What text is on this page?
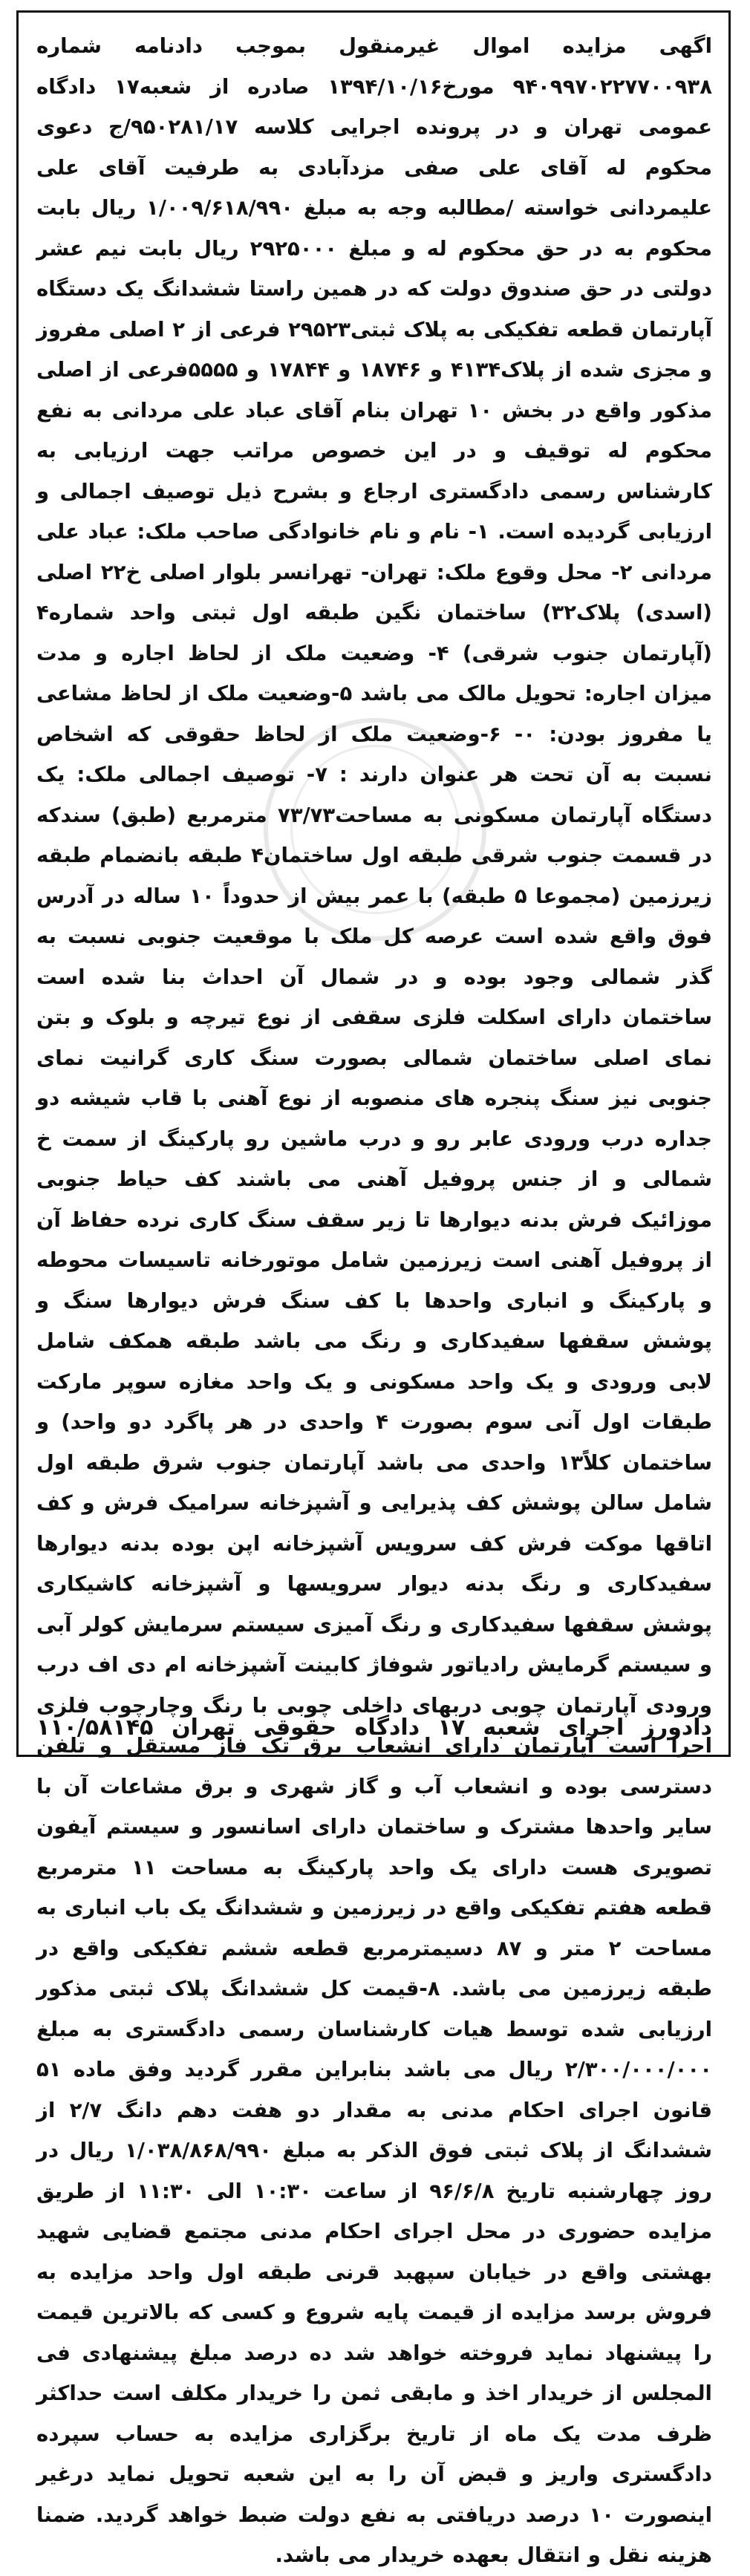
اگهی مزایده اموال غیرمنقول بموجب دادنامه شماره ۹۴۰۹۹۷۰۲۲۷۷۰۰۹۳۸ مورخ۱۳۹۴/۱۰/۱۶ صادره از شعبه۱۷ دادگاه عمومی تهران و در پرونده اجرایی کلاسه ۹۵۰۲۸۱/۱۷/ج دعوی محکوم له آقای علی صفی مزدآبادی به طرفیت آقای علی علیمردانی خواسته /مطالبه وجه به مبلغ ۱/۰۰۹/۶۱۸/۹۹۰ ریال بابت محکوم به در حق محکوم له و مبلغ ۲۹۲۵۰۰۰ ریال بابت نیم عشر دولتی در حق صندوق دولت که در همین راستا ششدانگ یک دستگاه آپارتمان قطعه تفکیکی به پلاک ثبتی۲۹۵۲۳ فرعی از ۲ اصلی مفروز و مجزی شده از پلاک۴۱۳۴ و ۱۸۷۴۶ و ۱۷۸۴۴ و ۵۵۵۵فرعی از اصلی مذکور واقع در بخش ۱۰ تهران بنام آقای عباد علی مردانی به نفع محکوم له توقیف و در این خصوص مراتب جهت ارزیابی به کارشناس رسمی دادگستری ارجاع و بشرح ذیل توصیف اجمالی و ارزیابی گردیده است. ۱- نام و نام خانوادگی صاحب ملک: عباد علی مردانی ۲- محل وقوع ملک: تهران- تهرانسر بلوار اصلی خ۲۲ اصلی (اسدی) پلاک۳۲) ساختمان نگین طبقه اول ثبتی واحد شماره۴ (آپارتمان جنوب شرقی) ۴- وضعیت ملک از لحاظ اجاره و مدت میزان اجاره: تحویل مالک می باشد ۵-وضعیت ملک از لحاظ مشاعی یا مفروز بودن: ۰- ۶-وضعیت ملک از لحاظ حقوقی که اشخاص نسبت به آن تحت هر عنوان دارند : ۷- توصیف اجمالی ملک: یک دستگاه آپارتمان مسکونی به مساحت۷۳/۷۳ مترمربع (طبق) سندکه در قسمت جنوب شرقی طبقه اول ساختمان۴ طبقه بانضمام طبقه زیرزمین (مجموعا ۵ طبقه) با عمر بیش از حدوداً ۱۰ ساله در آدرس فوق واقع شده است عرصه کل ملک با موقعیت جنوبی نسبت به گذر شمالی وجود بوده و در شمال آن احداث بنا شده است ساختمان دارای اسکلت فلزی سقفی از نوع تیرچه و بلوک و بتن نمای اصلی ساختمان شمالی بصورت سنگ کاری گرانیت نمای جنوبی نیز سنگ پنجره های منصوبه از نوع آهنی با قاب شیشه دو جداره درب ورودی عابر رو و درب ماشین رو پارکینگ از سمت خ شمالی و از جنس پروفیل آهنی می باشند کف حیاط جنوبی موزائیک فرش بدنه دیوارها تا زیر سقف سنگ کاری نرده حفاظ آن از پروفیل آهنی است زیرزمین شامل موتورخانه تاسیسات محوطه و پارکینگ و انباری واحدها با کف سنگ فرش دیوارها سنگ و پوشش سقفها سفیدکاری و رنگ می باشد طبقه همکف شامل لابی ورودی و یک واحد مسکونی و یک واحد مغازه سوپر مارکت طبقات اول آنی سوم بصورت ۴ واحدی در هر پاگرد دو واحد) و ساختمان کلاً۱۳ واحدی می باشد آپارتمان جنوب شرق طبقه اول شامل سالن پوشش کف پذیرایی و آشپزخانه سرامیک فرش و کف اتاقها موکت فرش کف سرویس آشپزخانه اپن بوده بدنه دیوارها سفیدکاری و رنگ بدنه دیوار سرویسها و آشپزخانه کاشیکاری پوشش سقفها سفیدکاری و رنگ آمیزی سیستم سرمایش کولر آبی و سیستم گرمایش رادیاتور شوفاژ کابینت آشپزخانه ام دی اف درب ورودی آپارتمان چوبی دربهای داخلی چوبی با رنگ وچارچوب فلزی اجرا است آپارتمان دارای انشعاب برق تک فاز مستقل و تلفن دسترسی بوده و انشعاب آب و گاز شهری و برق مشاعات آن با سایر واحدها مشترک و ساختمان دارای اسانسور و سیستم آیفون تصویری هست دارای یک واحد پارکینگ به مساحت ۱۱ مترمربع قطعه هفتم تفکیکی واقع در زیرزمین و ششدانگ یک باب انباری به مساحت ۲ متر و ۸۷ دسیمترمربع قطعه ششم تفکیکی واقع در طبقه زیرزمین می باشد. ۸-قیمت کل ششدانگ پلاک ثبتی مذکور ارزیابی شده توسط هیات کارشناسان رسمی دادگستری به مبلغ ۲/۳۰۰/۰۰۰/۰۰۰ ریال می باشد بنابراین مقرر گردید وفق ماده ۵۱ قانون اجرای احکام مدنی به مقدار دو هفت دهم دانگ ۲/۷ از ششدانگ از پلاک ثبتی فوق الذکر به مبلغ ۱/۰۳۸/۸۶۸/۹۹۰ ریال در روز چهارشنبه تاریخ ۹۶/۶/۸ از ساعت ۱۰:۳۰ الی ۱۱:۳۰ از طریق مزایده حضوری در محل اجرای احکام مدنی مجتمع قضایی شهید بهشتی واقع در خیابان سپهبد قرنی طبقه اول واحد مزایده به فروش برسد مزایده از قیمت پایه شروع و کسی که بالاترین قیمت را پیشنهاد نماید فروخته خواهد شد ده درصد مبلغ پیشنهادی فی المجلس از خریدار اخذ و مابقی ثمن را خریدار مکلف است حداکثر ظرف مدت یک ماه از تاریخ برگزاری مزایده به حساب سپرده دادگستری واریز و قبض آن را به این شعبه تحویل نماید درغیر اینصورت ۱۰ درصد دریافتی به نفع دولت ضبط خواهد گردید. ضمنا هزینه نقل و انتقال بعهده خریدار می باشد.

دادورز اجرای شعبه ۱۷ دادگاه حقوقی تهران
۱۱۰/۵۸۱۴۵
